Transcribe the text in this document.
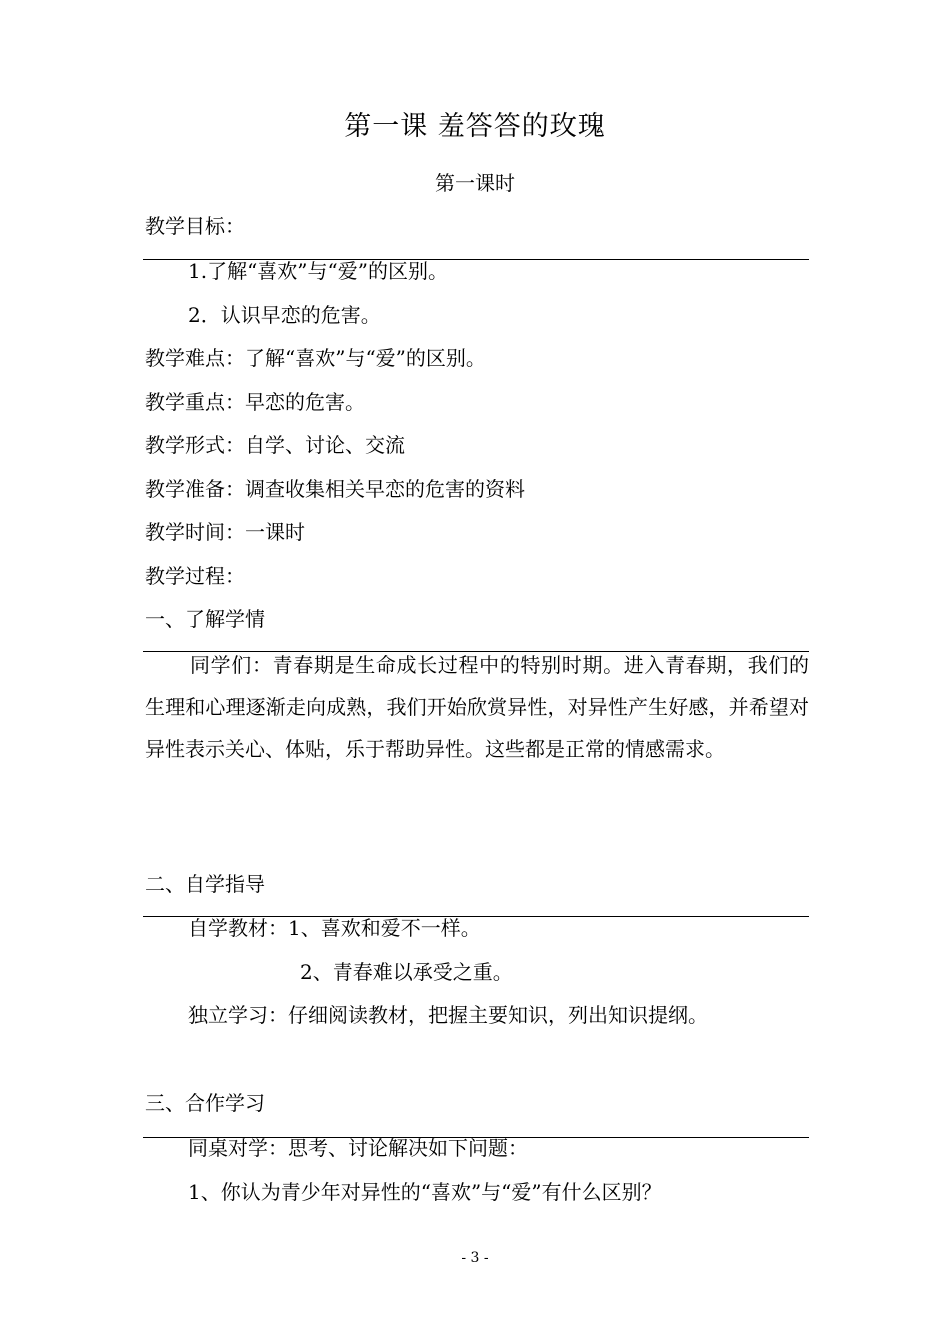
第一课 羞答答的玫瑰
第一课时
教学目标：
1.了解“喜欢”与“爱”的区别。
2．认识早恋的危害。
教学难点：了解“喜欢”与“爱”的区别。
教学重点：早恋的危害。
教学形式：自学、讨论、交流
教学准备：调查收集相关早恋的危害的资料
教学时间：一课时
教学过程：
一、了解学情
同学们：青春期是生命成长过程中的特别时期。进入青春期，我们的生理和心理逐渐走向成熟，我们开始欣赏异性，对异性产生好感，并希望对异性表示关心、体贴，乐于帮助异性。这些都是正常的情感需求。
二、自学指导
自学教材：1、喜欢和爱不一样。
2、青春难以承受之重。
独立学习：仔细阅读教材，把握主要知识，列出知识提纲。
三、合作学习
同桌对学：思考、讨论解决如下问题：
1、你认为青少年对异性的“喜欢”与“爱”有什么区别？
- 3 -
